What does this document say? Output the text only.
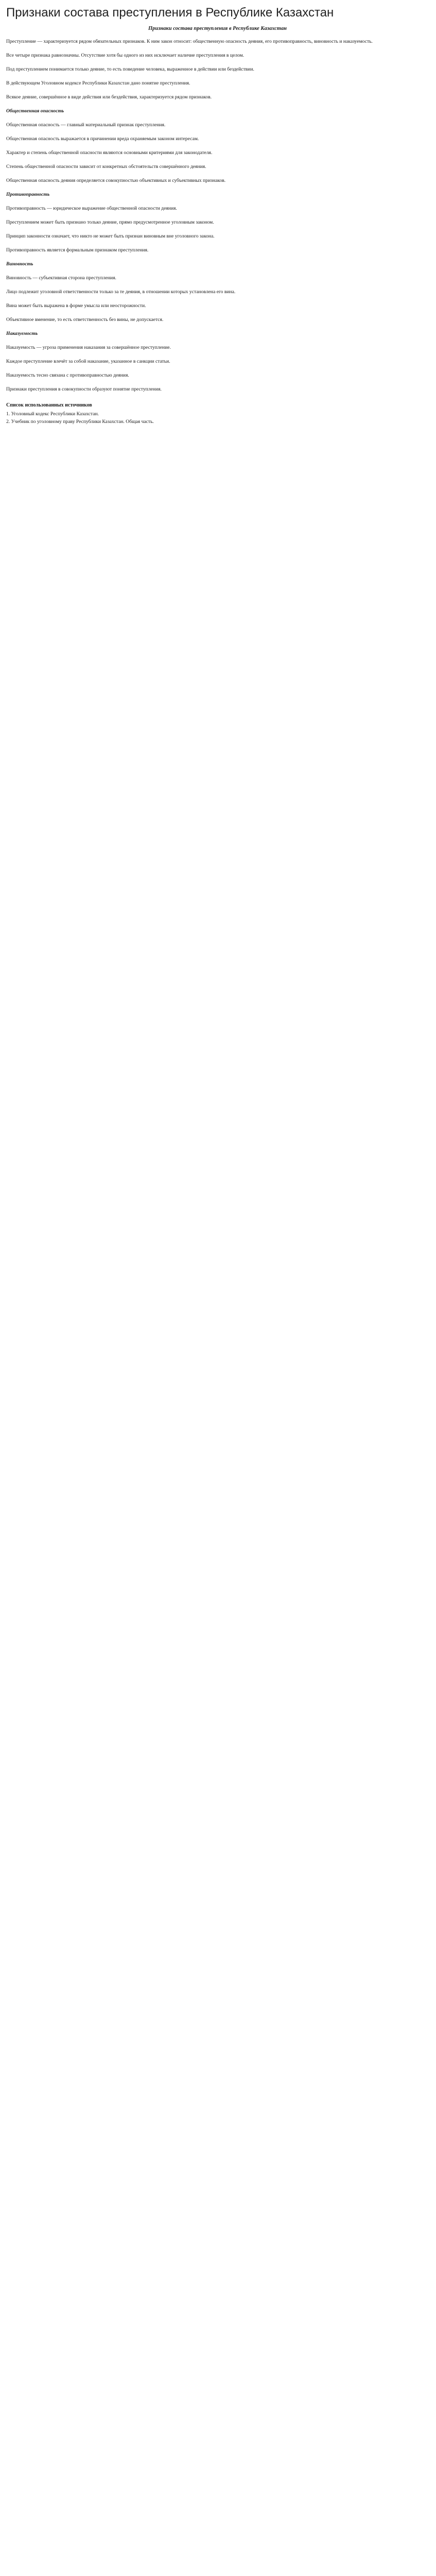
Признаки состава преступления в Республике Казахстан

Признаки состава преступления в Республике Казахстан

Преступление — характеризуется рядом обязательных признаков. К ним закон относит: общественную опасность деяния, его противоправность, виновность и наказуемость.

Все четыре признака равнозначны. Отсутствие хотя бы одного из них исключает наличие преступления в целом.

Под преступлением понимается только деяние, то есть поведение человека, выраженное в действии или бездействии.

В действующем Уголовном кодексе Республики Казахстан дано понятие преступления.

Всякое деяние, совершённое в виде действия или бездействия, характеризуется рядом признаков.

Общественная опасность

Общественная опасность — главный материальный признак преступления.

Общественная опасность выражается в причинении вреда охраняемым законом интересам.

Характер и степень общественной опасности являются основными критериями для законодателя.

Степень общественной опасности зависит от конкретных обстоятельств совершённого деяния.

Общественная опасность деяния определяется совокупностью объективных и субъективных признаков.

Противоправность

Противоправность — юридическое выражение общественной опасности деяния.

Преступлением может быть признано только деяние, прямо предусмотренное уголовным законом.

Принцип законности означает, что никто не может быть признан виновным вне уголовного закона.

Противоправность является формальным признаком преступления.

Виновность

Виновность — субъективная сторона преступления.

Лицо подлежит уголовной ответственности только за те деяния, в отношении которых установлена его вина.

Вина может быть выражена в форме умысла или неосторожности.

Объективное вменение, то есть ответственность без вины, не допускается.

Наказуемость

Наказуемость — угроза применения наказания за совершённое преступление.

Каждое преступление влечёт за собой наказание, указанное в санкции статьи.

Наказуемость тесно связана с противоправностью деяния.

Признаки преступления в совокупности образуют понятие преступления.

Список использованных источников

1. Уголовный кодекс Республики Казахстан.

2. Учебник по уголовному праву Республики Казахстан. Общая часть.
